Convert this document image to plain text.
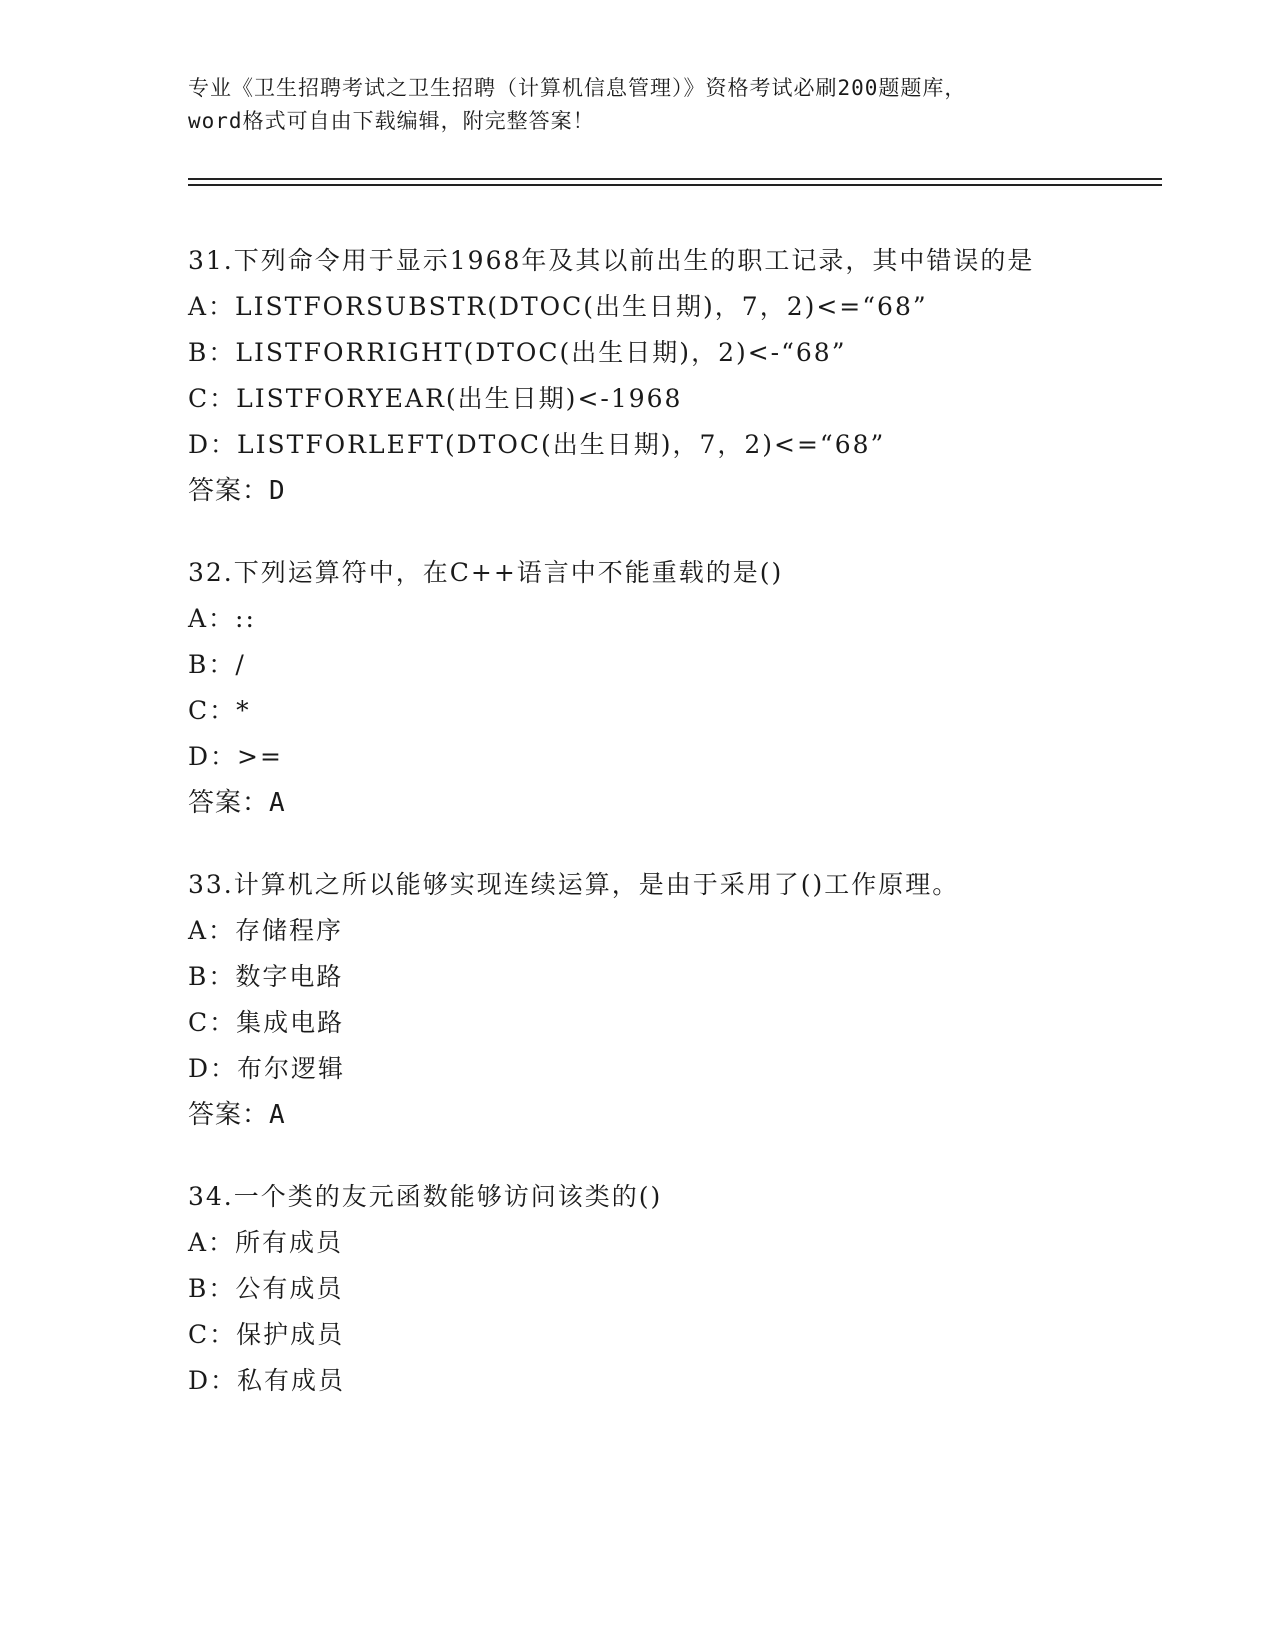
专业《卫生招聘考试之卫生招聘（计算机信息管理）》资格考试必刷200题题库，
word格式可自由下载编辑，附完整答案！
31.下列命令用于显示1968年及其以前出生的职工记录，其中错误的是
A：LISTFORSUBSTR(DTOC(出生日期)，7，2)<=“68”
B：LISTFORRIGHT(DTOC(出生日期)，2)<-“68”
C：LISTFORYEAR(出生日期)<-1968
D：LISTFORLEFT(DTOC(出生日期)，7，2)<=“68”
答案：D
32.下列运算符中，在C++语言中不能重载的是()
A：::
B：/
C：*
D：>=
答案：A
33.计算机之所以能够实现连续运算，是由于采用了()工作原理。
A：存储程序
B：数字电路
C：集成电路
D：布尔逻辑
答案：A
34.一个类的友元函数能够访问该类的()
A：所有成员
B：公有成员
C：保护成员
D：私有成员
